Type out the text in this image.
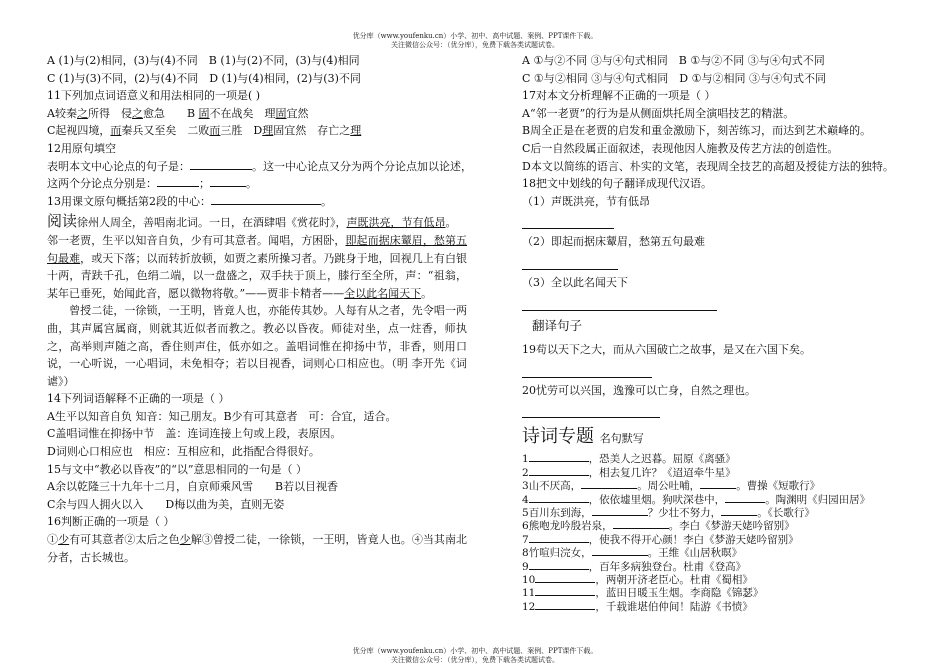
优分库（www.youfenku.cn）小学、初中、高中试题、案例、PPT课件下载。
关注微信公众号：（优分库），免费下载各类试题试卷。
A (1)与(2)相同，(3)与(4)不同　B (1)与(2)不同，(3)与(4)相同
C (1)与(3)不同，(2)与(4)不同　D (1)与(4)相同，(2)与(3)不同
11下列加点词语意义和用法相同的一项是( )
A较秦之所得　侵之愈急　　B 固不在战矣　理固宜然
C起视四境，而秦兵又至矣　二败而三胜　D理固宜然　存亡之理
12用原句填空
表明本文中心论点的句子是：	。这一中心论点又分为两个分论点加以论述，
这两个分论点分别是：	；	。
13用课文原句概括第2段的中心：	。
阅读徐州人周全，善唱南北词。一日，在酒肆唱《赏花时》，声既洪亮，节有低昂。
邻一老贾，生平以知音自负，少有可其意者。闻唱，方困卧，即起而据床颦眉，愁第五句最难，或天下落；以而转折放顿，如贾之素所操习者。乃跳身于地，回视几上有白银十两，青趺千孔，色绢二端，以一盘盛之，双手扶于顶上，膝行至全所，声：“祖翁，某年已垂死，始闻此音，愿以微物将敬。”——贾非卡精者——全以此名闻天下。
　　曾授二徒，一徐锁，一王明，皆竟人也，亦能传其妙。人每有从之者，先令唱一两曲，其声属宫属商，则就其近似者而教之。教必以昏夜。师徒对坐，点一炷香，师执之，高举则声随之高，香住则声住，低亦如之。盖唱词惟在抑扬中节，非香，则用口说，一心听说，一心唱词，未免相夺；若以目视香，词则心口相应也。（明 李开先《词谑》）
14下列词语解释不正确的一项是（ ）
A生平以知音自负 知音：知己朋友。B少有可其意者　可：合宜，适合。
C盖唱词惟在抑扬中节　盖：连词连接上句或上段，表原因。
D词则心口相应也　相应：互相应和，此指配合得很好。
15与文中“教必以昏夜”的“以”意思相同的一句是（ ）
A余以乾隆三十九年十二月，自京师乘风雪　　B若以目视香
C余与四人拥火以入　　D梅以曲为美，直则无姿
16判断正确的一项是（ ）
①少有可其意者②太后之色少解③曾授二徒，一徐锁，一王明，皆竟人也。④当其南北分者，古长城也。
A ①与②不同 ③与④句式相同　B ①与②不同 ③与④句式不同
C ①与②相同 ③与④句式相同　D ①与②相同 ③与④句式不同
17对本文分析理解不正确的一项是（ ）
A“邻一老贾”的行为是从侧面烘托周全演唱技艺的精湛。
B周全正是在老贾的启发和重金激励下，刻苦练习，而达到艺术巅峰的。
C后一自然段属正面叙述，表现他因人施教及传艺方法的创造性。
D本文以简练的语言、朴实的文笔，表现周全技艺的高超及授徒方法的独特。
18把文中划线的句子翻译成现代汉语。
（1）声既洪亮，节有低昂
（2）即起而据床颦眉，愁第五句最难
（3）全以此名闻天下
翻译句子
19苟以天下之大，而从六国破亡之故事，是又在六国下矣。
20忧劳可以兴国，逸豫可以亡身，自然之理也。
诗词专题 名句默写
1	，恐美人之迟暮。屈原《离骚》
2	，相去复几许？《迢迢牵牛星》
3山不厌高，	。周公吐哺，	。曹操《短歌行》
4	，依依墟里烟。狗吠深巷中，	。陶渊明《归园田居》
5百川东到海，	？少壮不努力，	。《长歌行》
6熊咆龙吟殷岩泉，	。李白《梦游天姥吟留别》
7	，使我不得开心颜！李白《梦游天姥吟留别》
8竹喧归浣女，	。王维《山居秋暝》
9	，百年多病独登台。杜甫《登高》
10	，两朝开济老臣心。杜甫《蜀相》
11	，蓝田日暖玉生烟。李商隐《锦瑟》
12	，千载谁堪伯仲间！陆游《书愤》
优分库（www.youfenku.cn）小学、初中、高中试题、案例、PPT课件下载。
关注微信公众号：（优分库），免费下载各类试题试卷。
